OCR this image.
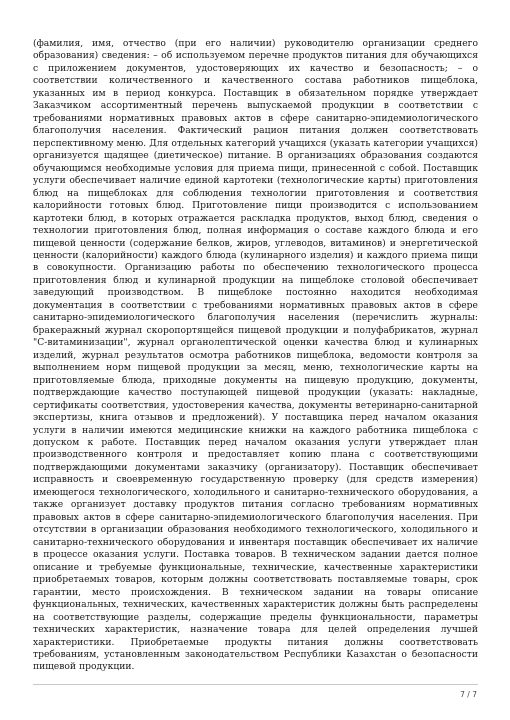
(фамилия, имя, отчество (при его наличии) руководителю организации среднего образования) сведения: – об используемом перечне продуктов питания для обучающихся с приложением документов, удостоверяющих их качество и безопасность; – о соответствии количественного и качественного состава работников пищеблока, указанных им в период конкурса. Поставщик в обязательном порядке утверждает Заказчиком ассортиментный перечень выпускаемой продукции в соответствии с требованиями нормативных правовых актов в сфере санитарно-эпидемиологического благополучия населения. Фактический рацион питания должен соответствовать перспективному меню. Для отдельных категорий учащихся (указать категории учащихся) организуется щадящее (диетическое) питание. В организациях образования создаются обучающимся необходимые условия для приема пищи, принесенной с собой. Поставщик услуги обеспечивает наличие единой картотеки (технологические карты) приготовления блюд на пищеблоках для соблюдения технологии приготовления и соответствия калорийности готовых блюд. Приготовление пищи производится с использованием картотеки блюд, в которых отражается раскладка продуктов, выход блюд, сведения о технологии приготовления блюд, полная информация о составе каждого блюда и его пищевой ценности (содержание белков, жиров, углеводов, витаминов) и энергетической ценности (калорийности) каждого блюда (кулинарного изделия) и каждого приема пищи в совокупности. Организацию работы по обеспечению технологического процесса приготовления блюд и кулинарной продукции на пищеблоке столовой обеспечивает заведующий производством. В пищеблоке постоянно находится необходимая документация в соответствии с требованиями нормативных правовых актов в сфере санитарно-эпидемиологического благополучия населения (перечислить журналы: бракеражный журнал скоропортящейся пищевой продукции и полуфабрикатов, журнал "С-витаминизации", журнал органолептической оценки качества блюд и кулинарных изделий, журнал результатов осмотра работников пищеблока, ведомости контроля за выполнением норм пищевой продукции за месяц, меню, технологические карты на приготовляемые блюда, приходные документы на пищевую продукцию, документы, подтверждающие качество поступающей пищевой продукции (указать: накладные, сертификаты соответствия, удостоверения качества, документы ветеринарно-санитарной экспертизы, книга отзывов и предложений). У поставщика перед началом оказания услуги в наличии имеются медицинские книжки на каждого работника пищеблока с допуском к работе. Поставщик перед началом оказания услуги утверждает план производственного контроля и предоставляет копию плана с соответствующими подтверждающими документами заказчику (организатору). Поставщик обеспечивает исправность и своевременную государственную проверку (для средств измерения) имеющегося технологического, холодильного и санитарно-технического оборудования, а также организует доставку продуктов питания согласно требованиям нормативных правовых актов в сфере санитарно-эпидемиологического благополучия населения. При отсутствии в организации образования необходимого технологического, холодильного и санитарно-технического оборудования и инвентаря поставщик обеспечивает их наличие в процессе оказания услуги. Поставка товаров. В техническом задании дается полное описание и требуемые функциональные, технические, качественные характеристики приобретаемых товаров, которым должны соответствовать поставляемые товары, срок гарантии, место происхождения. В техническом задании на товары описание функциональных, технических, качественных характеристик должны быть распределены на соответствующие разделы, содержащие пределы функциональности, параметры технических характеристик, назначение товара для целей определения лучшей характеристики. Приобретаемые продукты питания должны соответствовать требованиям, установленным законодательством Республики Казахстан о безопасности пищевой продукции.

7 / 7
